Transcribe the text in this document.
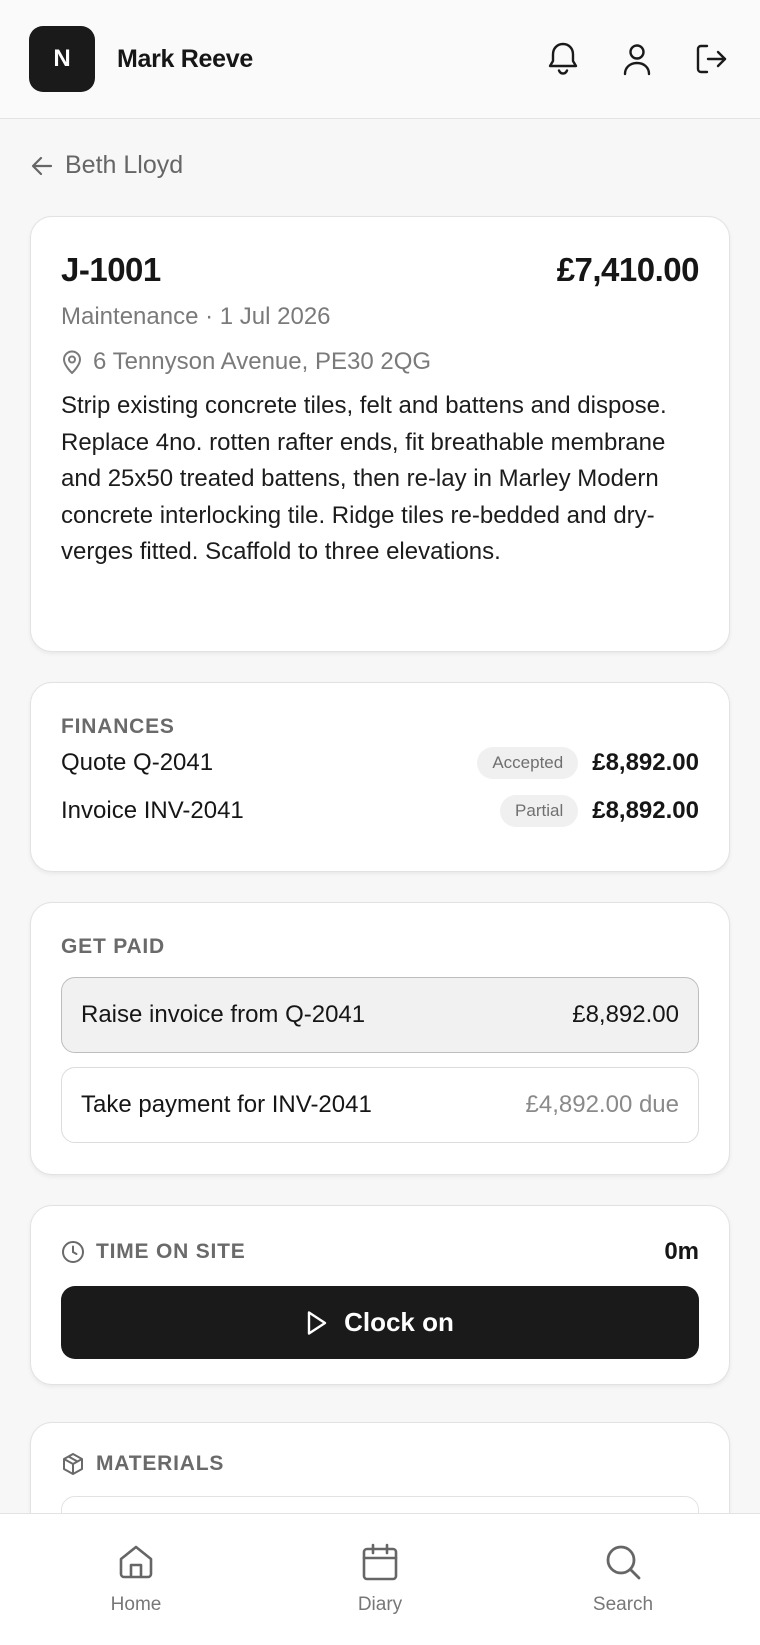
N	Mark Reeve
Beth Lloyd
J-1001	£7,410.00
Maintenance · 1 Jul 2026
6 Tennyson Avenue, PE30 2QG
Strip existing concrete tiles, felt and battens and dispose. Replace 4no. rotten rafter ends, fit breathable membrane and 25x50 treated battens, then re-lay in Marley Modern concrete interlocking tile. Ridge tiles re-bedded and dry-verges fitted. Scaffold to three elevations.
FINANCES
Quote Q-2041	Accepted	£8,892.00
Invoice INV-2041	Partial	£8,892.00
GET PAID
Raise invoice from Q-2041	£8,892.00
Take payment for INV-2041	£4,892.00 due
TIME ON SITE	0m
Clock on
MATERIALS
Home	Diary	Search
